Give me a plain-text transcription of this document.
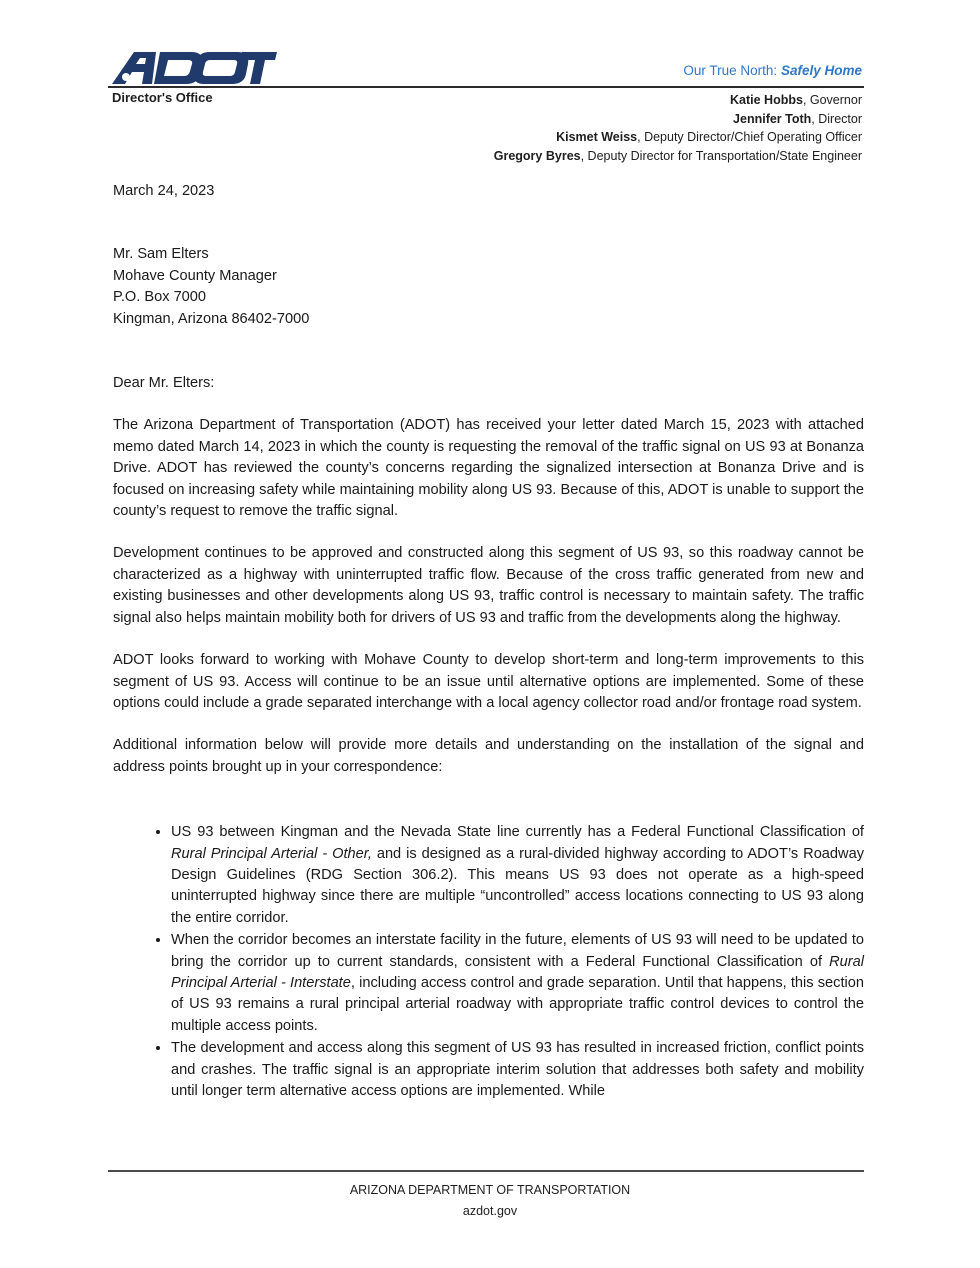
Our True North: Safely Home
Director's Office	Katie Hobbs, Governor
Jennifer Toth, Director
Kismet Weiss, Deputy Director/Chief Operating Officer
Gregory Byres, Deputy Director for Transportation/State Engineer

March 24, 2023

Mr. Sam Elters

Mohave County Manager

P.O. Box 7000

Kingman, Arizona 86402-7000

Dear Mr. Elters:

The Arizona Department of Transportation (ADOT) has received your letter dated March 15, 2023 with attached memo dated March 14, 2023 in which the county is requesting the removal of the traffic signal on US 93 at Bonanza Drive. ADOT has reviewed the county’s concerns regarding the signalized intersection at Bonanza Drive and is focused on increasing safety while maintaining mobility along US 93. Because of this, ADOT is unable to support the county’s request to remove the traffic signal.

Development continues to be approved and constructed along this segment of US 93, so this roadway cannot be characterized as a highway with uninterrupted traffic flow. Because of the cross traffic generated from new and existing businesses and other developments along US 93, traffic control is necessary to maintain safety. The traffic signal also helps maintain mobility both for drivers of US 93 and traffic from the developments along the highway.

ADOT looks forward to working with Mohave County to develop short-term and long-term improvements to this segment of US 93. Access will continue to be an issue until alternative options are implemented. Some of these options could include a grade separated interchange with a local agency collector road and/or frontage road system.

Additional information below will provide more details and understanding on the installation of the signal and address points brought up in your correspondence:

• US 93 between Kingman and the Nevada State line currently has a Federal Functional Classification of Rural Principal Arterial - Other, and is designed as a rural-divided highway according to ADOT’s Roadway Design Guidelines (RDG Section 306.2). This means US 93 does not operate as a high-speed uninterrupted highway since there are multiple “uncontrolled” access locations connecting to US 93 along the entire corridor.
• When the corridor becomes an interstate facility in the future, elements of US 93 will need to be updated to bring the corridor up to current standards, consistent with a Federal Functional Classification of Rural Principal Arterial - Interstate, including access control and grade separation. Until that happens, this section of US 93 remains a rural principal arterial roadway with appropriate traffic control devices to control the multiple access points.
• The development and access along this segment of US 93 has resulted in increased friction, conflict points and crashes. The traffic signal is an appropriate interim solution that addresses both safety and mobility until longer term alternative access options are implemented. While
ARIZONA DEPARTMENT OF TRANSPORTATION
azdot.gov
